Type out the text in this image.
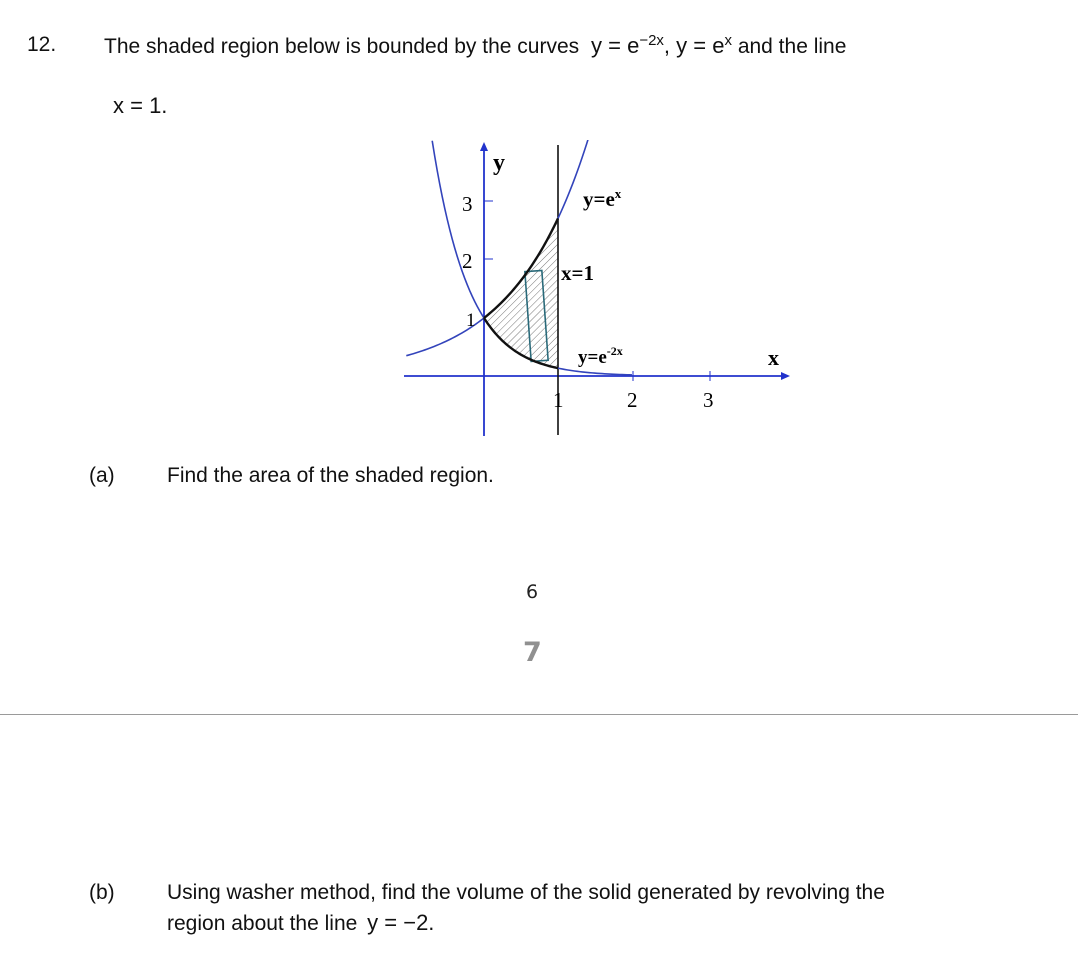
12. The shaded region below is bounded by the curves $y = e^{-2x}$, $y = e^x$ and the line
x = 1.
y
x
3
2
1
1	2	3
$y=e^x$
x=1
$y=e^{-2x}$
(a) Find the area of the shaded region.
6
7
(b) Using washer method, find the volume of the solid generated by revolving the
region about the line y = −2.
